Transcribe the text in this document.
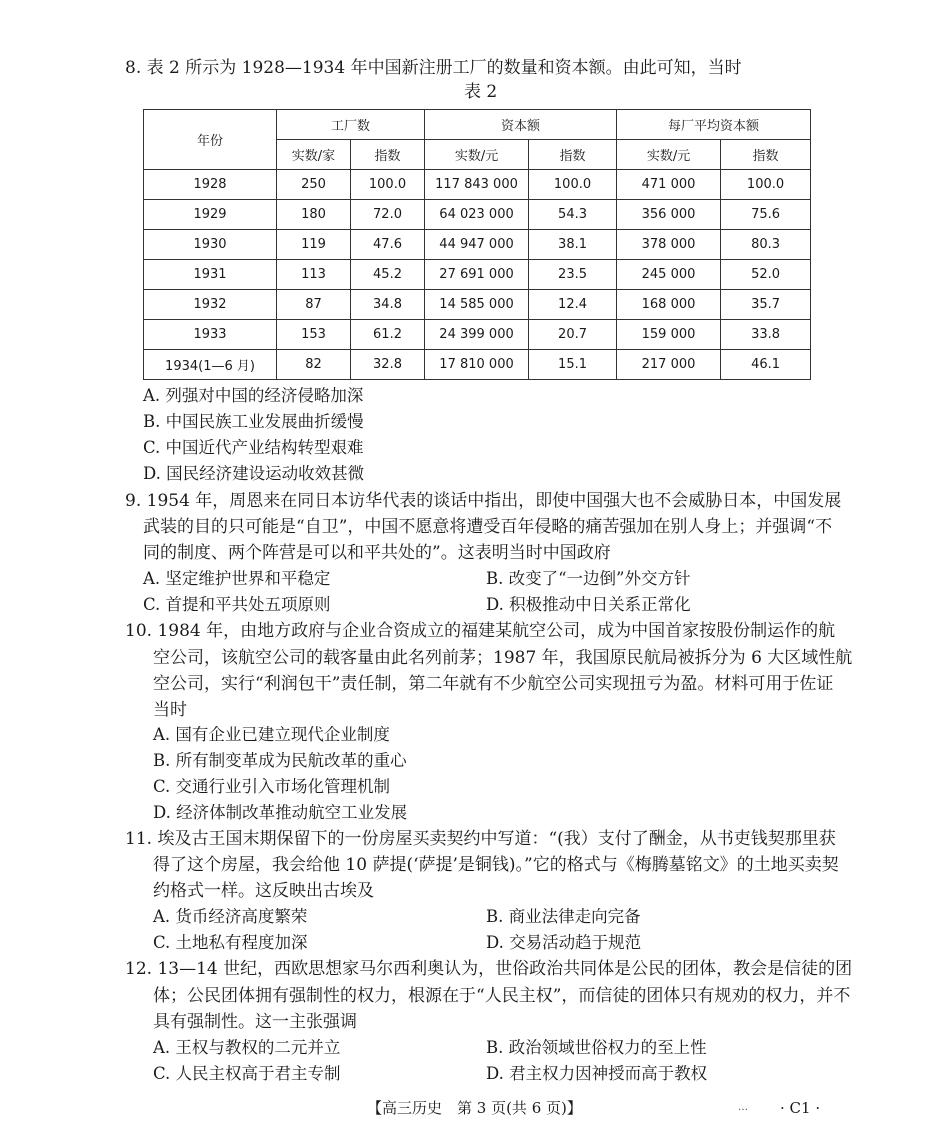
8. 表 2 所示为 1928—1934 年中国新注册工厂的数量和资本额。由此可知，当时
表 2
年份	工厂数		资本额		每厂平均资本额	
	实数/家	指数	实数/元	指数	实数/元	指数
1928	250	100.0	117 843 000	100.0	471 000	100.0
1929	180	72.0	64 023 000	54.3	356 000	75.6
1930	119	47.6	44 947 000	38.1	378 000	80.3
1931	113	45.2	27 691 000	23.5	245 000	52.0
1932	87	34.8	14 585 000	12.4	168 000	35.7
1933	153	61.2	24 399 000	20.7	159 000	33.8
1934(1—6 月)	82	32.8	17 810 000	15.1	217 000	46.1
A. 列强对中国的经济侵略加深
B. 中国民族工业发展曲折缓慢
C. 中国近代产业结构转型艰难
D. 国民经济建设运动收效甚微
9. 1954 年，周恩来在同日本访华代表的谈话中指出，即使中国强大也不会威胁日本，中国发展
武装的目的只可能是“自卫”，中国不愿意将遭受百年侵略的痛苦强加在别人身上；并强调“不
同的制度、两个阵营是可以和平共处的”。这表明当时中国政府
A. 坚定维护世界和平稳定	B. 改变了“一边倒”外交方针
C. 首提和平共处五项原则	D. 积极推动中日关系正常化
10. 1984 年，由地方政府与企业合资成立的福建某航空公司，成为中国首家按股份制运作的航
空公司，该航空公司的载客量由此名列前茅；1987 年，我国原民航局被拆分为 6 大区域性航
空公司，实行“利润包干”责任制，第二年就有不少航空公司实现扭亏为盈。材料可用于佐证
当时
A. 国有企业已建立现代企业制度
B. 所有制变革成为民航改革的重心
C. 交通行业引入市场化管理机制
D. 经济体制改革推动航空工业发展
11. 埃及古王国末期保留下的一份房屋买卖契约中写道：“(我）支付了酬金，从书吏钱契那里获
得了这个房屋，我会给他 10 萨提(‘萨提’是铜钱)。”它的格式与《梅腾墓铭文》的土地买卖契
约格式一样。这反映出古埃及
A. 货币经济高度繁荣	B. 商业法律走向完备
C. 土地私有程度加深	D. 交易活动趋于规范
12. 13—14 世纪，西欧思想家马尔西利奥认为，世俗政治共同体是公民的团体，教会是信徒的团
体；公民团体拥有强制性的权力，根源在于“人民主权”，而信徒的团体只有规劝的权力，并不
具有强制性。这一主张强调
A. 王权与教权的二元并立	B. 政治领域世俗权力的至上性
C. 人民主权高于君主专制	D. 君主权力因神授而高于教权
【高三历史　第 3 页(共 6 页)】	… · C1 ·
